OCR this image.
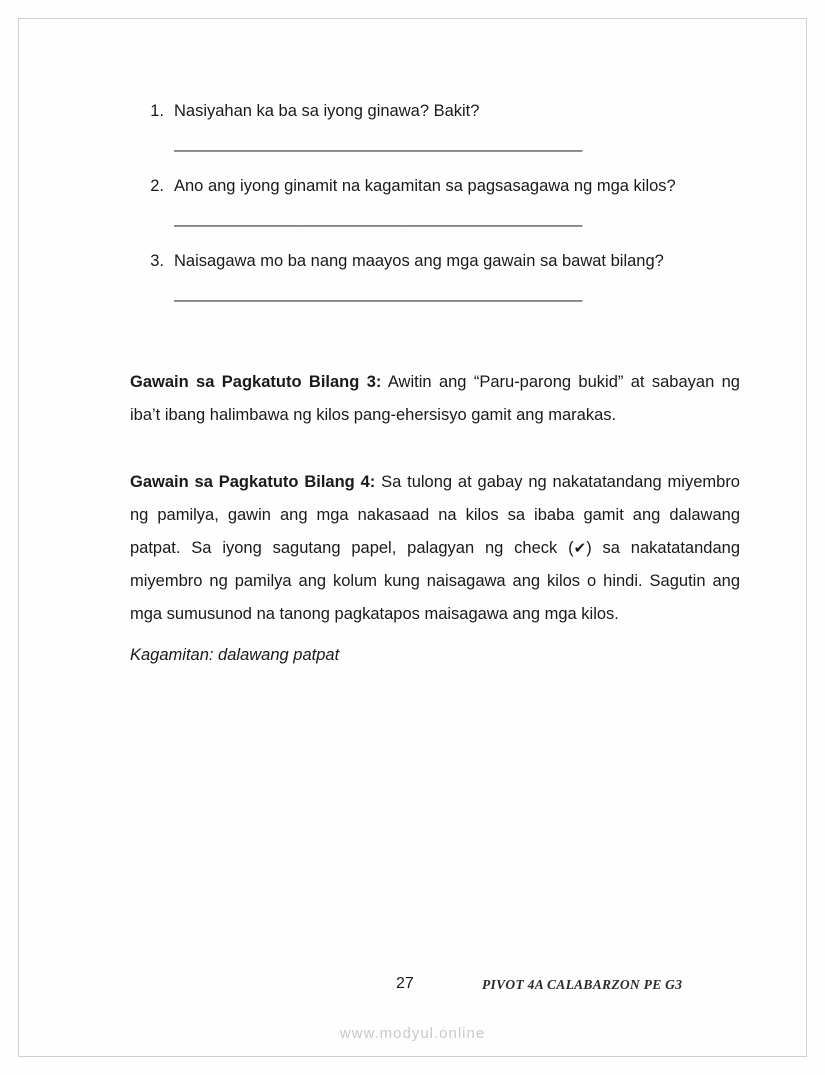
1. Nasiyahan ka ba sa iyong ginawa? Bakit?
_______________________________________________
2. Ano ang iyong ginamit na kagamitan sa pagsasagawa ng mga kilos?
_______________________________________________
3. Naisagawa mo ba nang maayos ang mga gawain sa bawat bilang?
_______________________________________________

Gawain sa Pagkatuto Bilang 3: Awitin ang “Paru-parong bukid” at sabayan ng iba’t ibang halimbawa ng kilos pang-ehersisyo gamit ang marakas.

Gawain sa Pagkatuto Bilang 4: Sa tulong at gabay ng nakatatandang miyembro ng pamilya, gawin ang mga nakasaad na kilos sa ibaba gamit ang dalawang patpat. Sa iyong sagutang papel, palagyan ng check (✔) sa nakatatandang miyembro ng pamilya ang kolum kung naisagawa ang kilos o hindi. Sagutin ang mga sumusunod na tanong pagkatapos maisagawa ang mga kilos.

Kagamitan: dalawang patpat

27	PIVOT 4A CALABARZON PE G3
www.modyul.online
